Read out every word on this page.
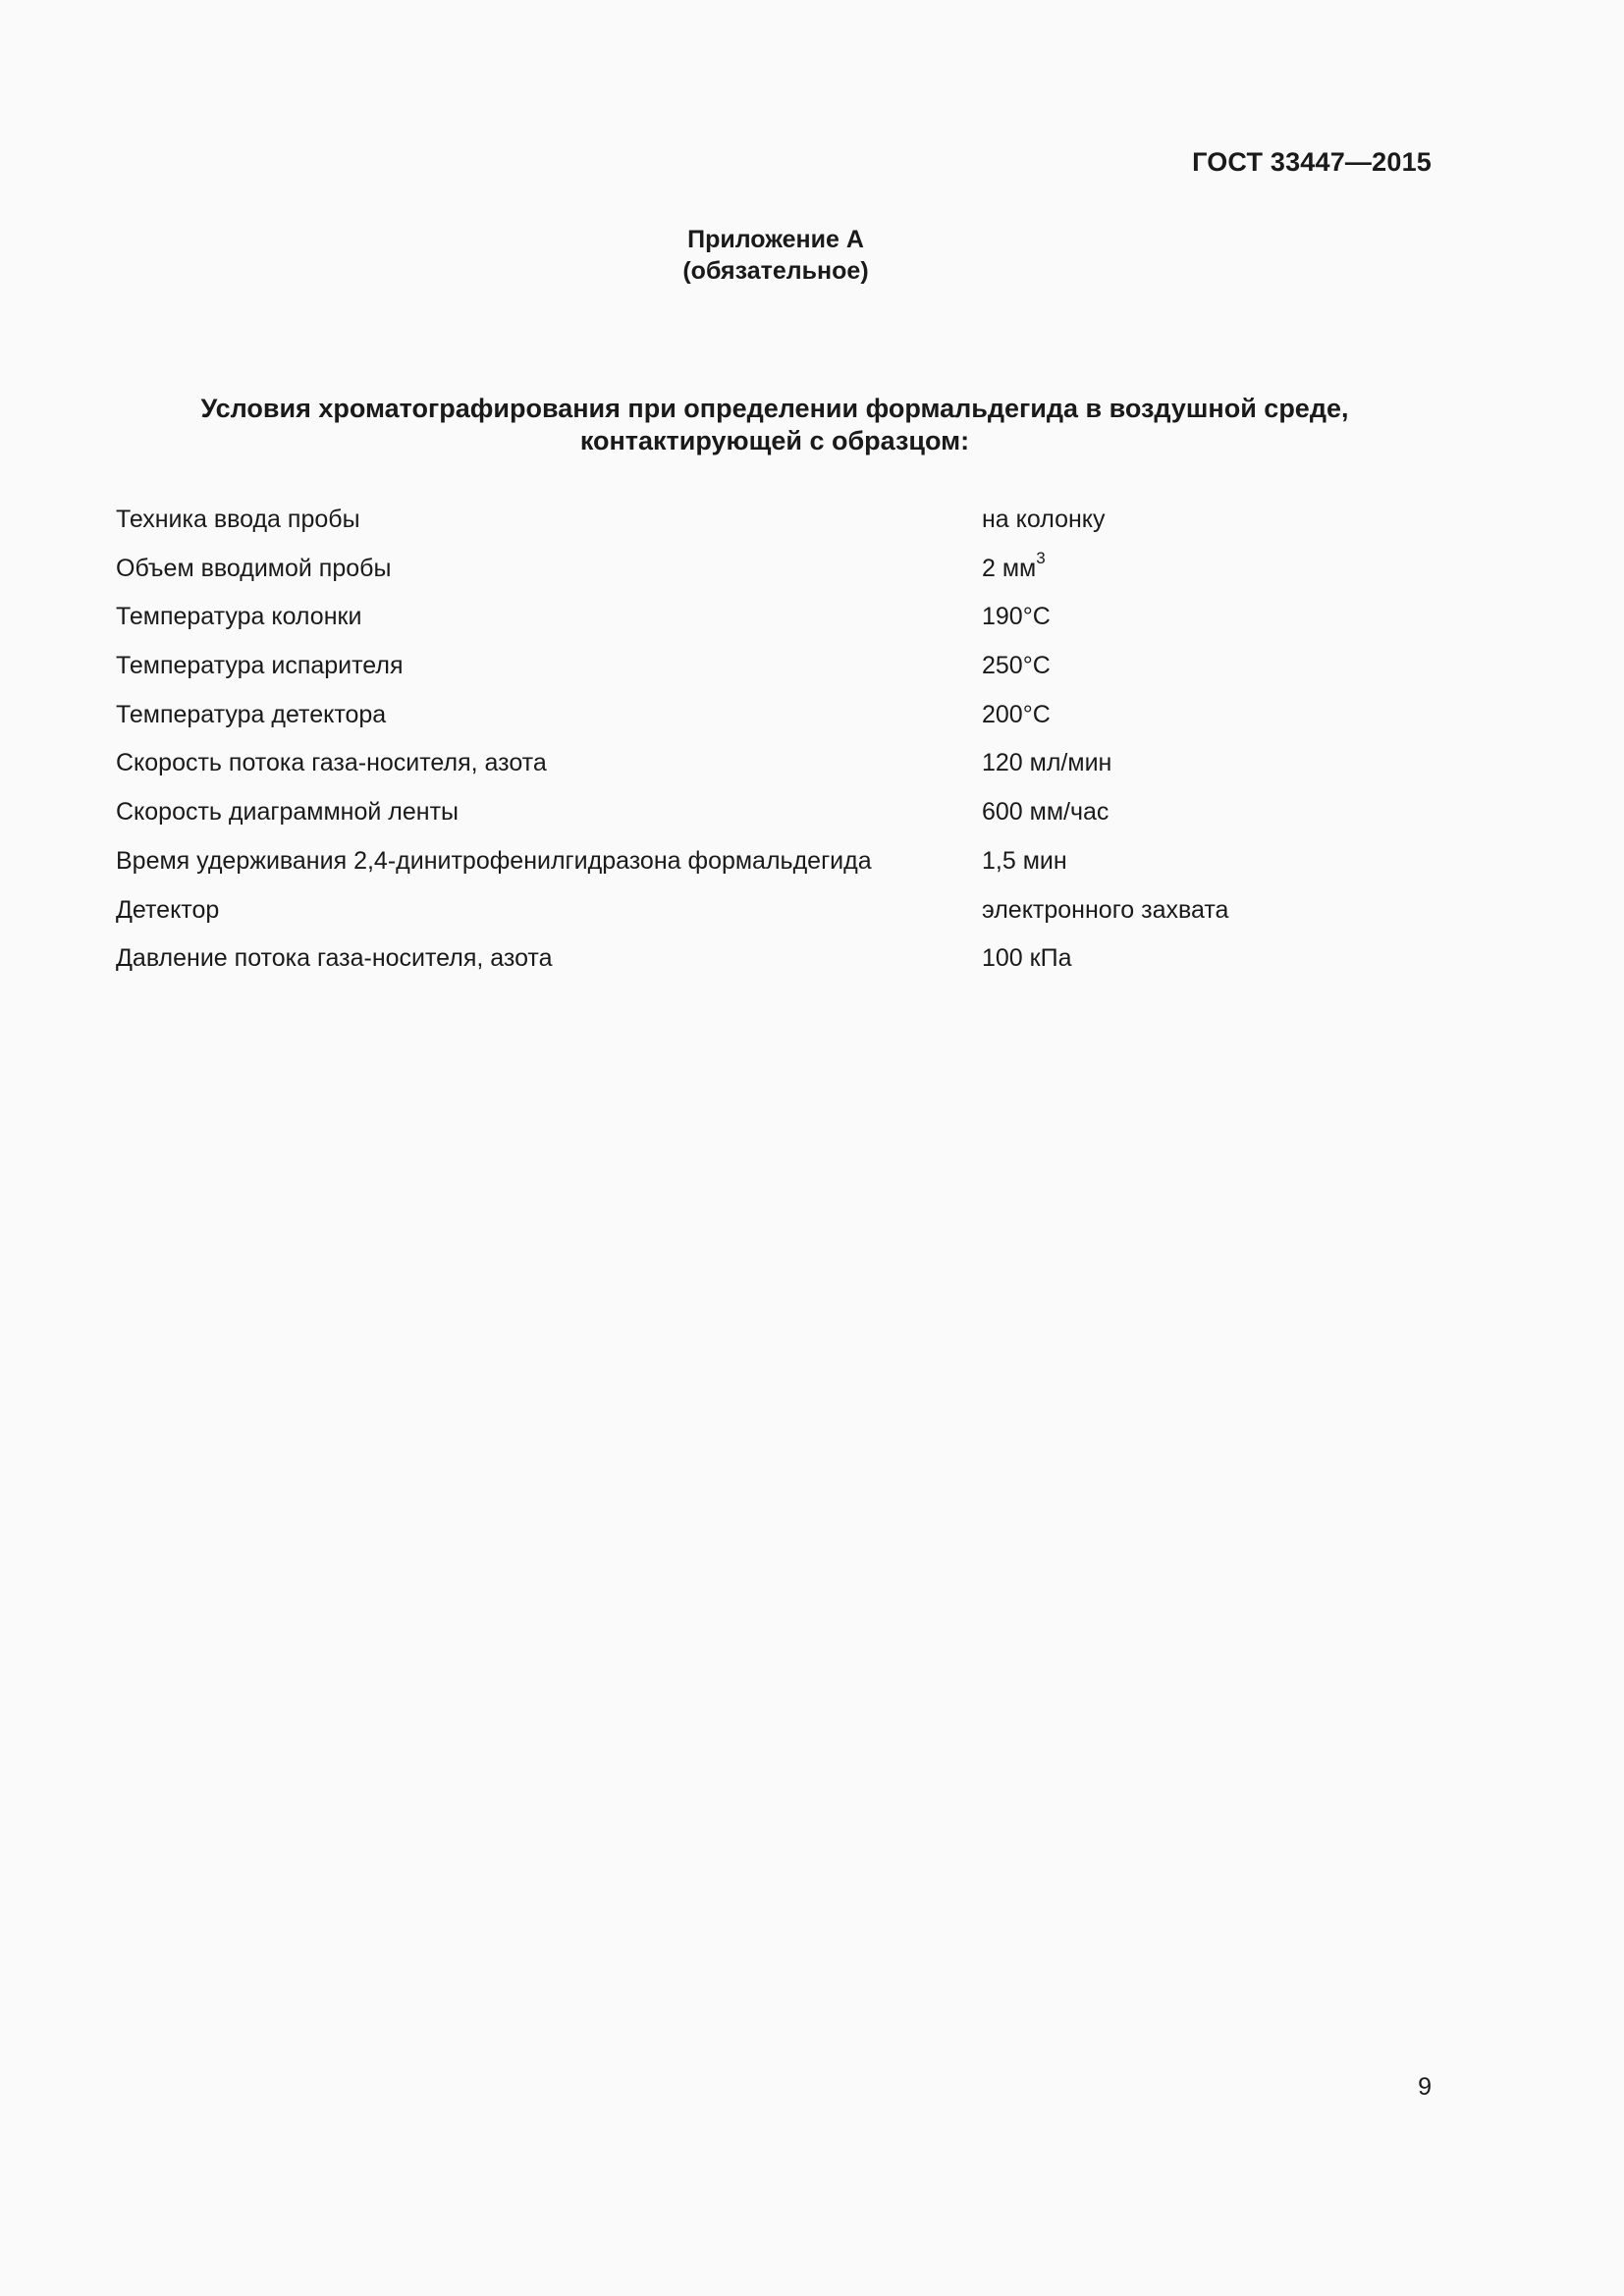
ГОСТ 33447—2015
Приложение А
(обязательное)
Условия хроматографирования при определении формальдегида в воздушной среде,
контактирующей с образцом:
Техника ввода пробы	на колонку
Объем вводимой пробы	2 $мм^3$
Температура колонки	190°C
Температура испарителя	250°C
Температура детектора	200°C
Скорость потока газа-носителя, азота	120 мл/мин
Скорость диаграммной ленты	600 мм/час
Время удерживания 2,4-динитрофенилгидразона формальдегида	1,5 мин
Детектор	электронного захвата
Давление потока газа-носителя, азота	100 кПа
9
